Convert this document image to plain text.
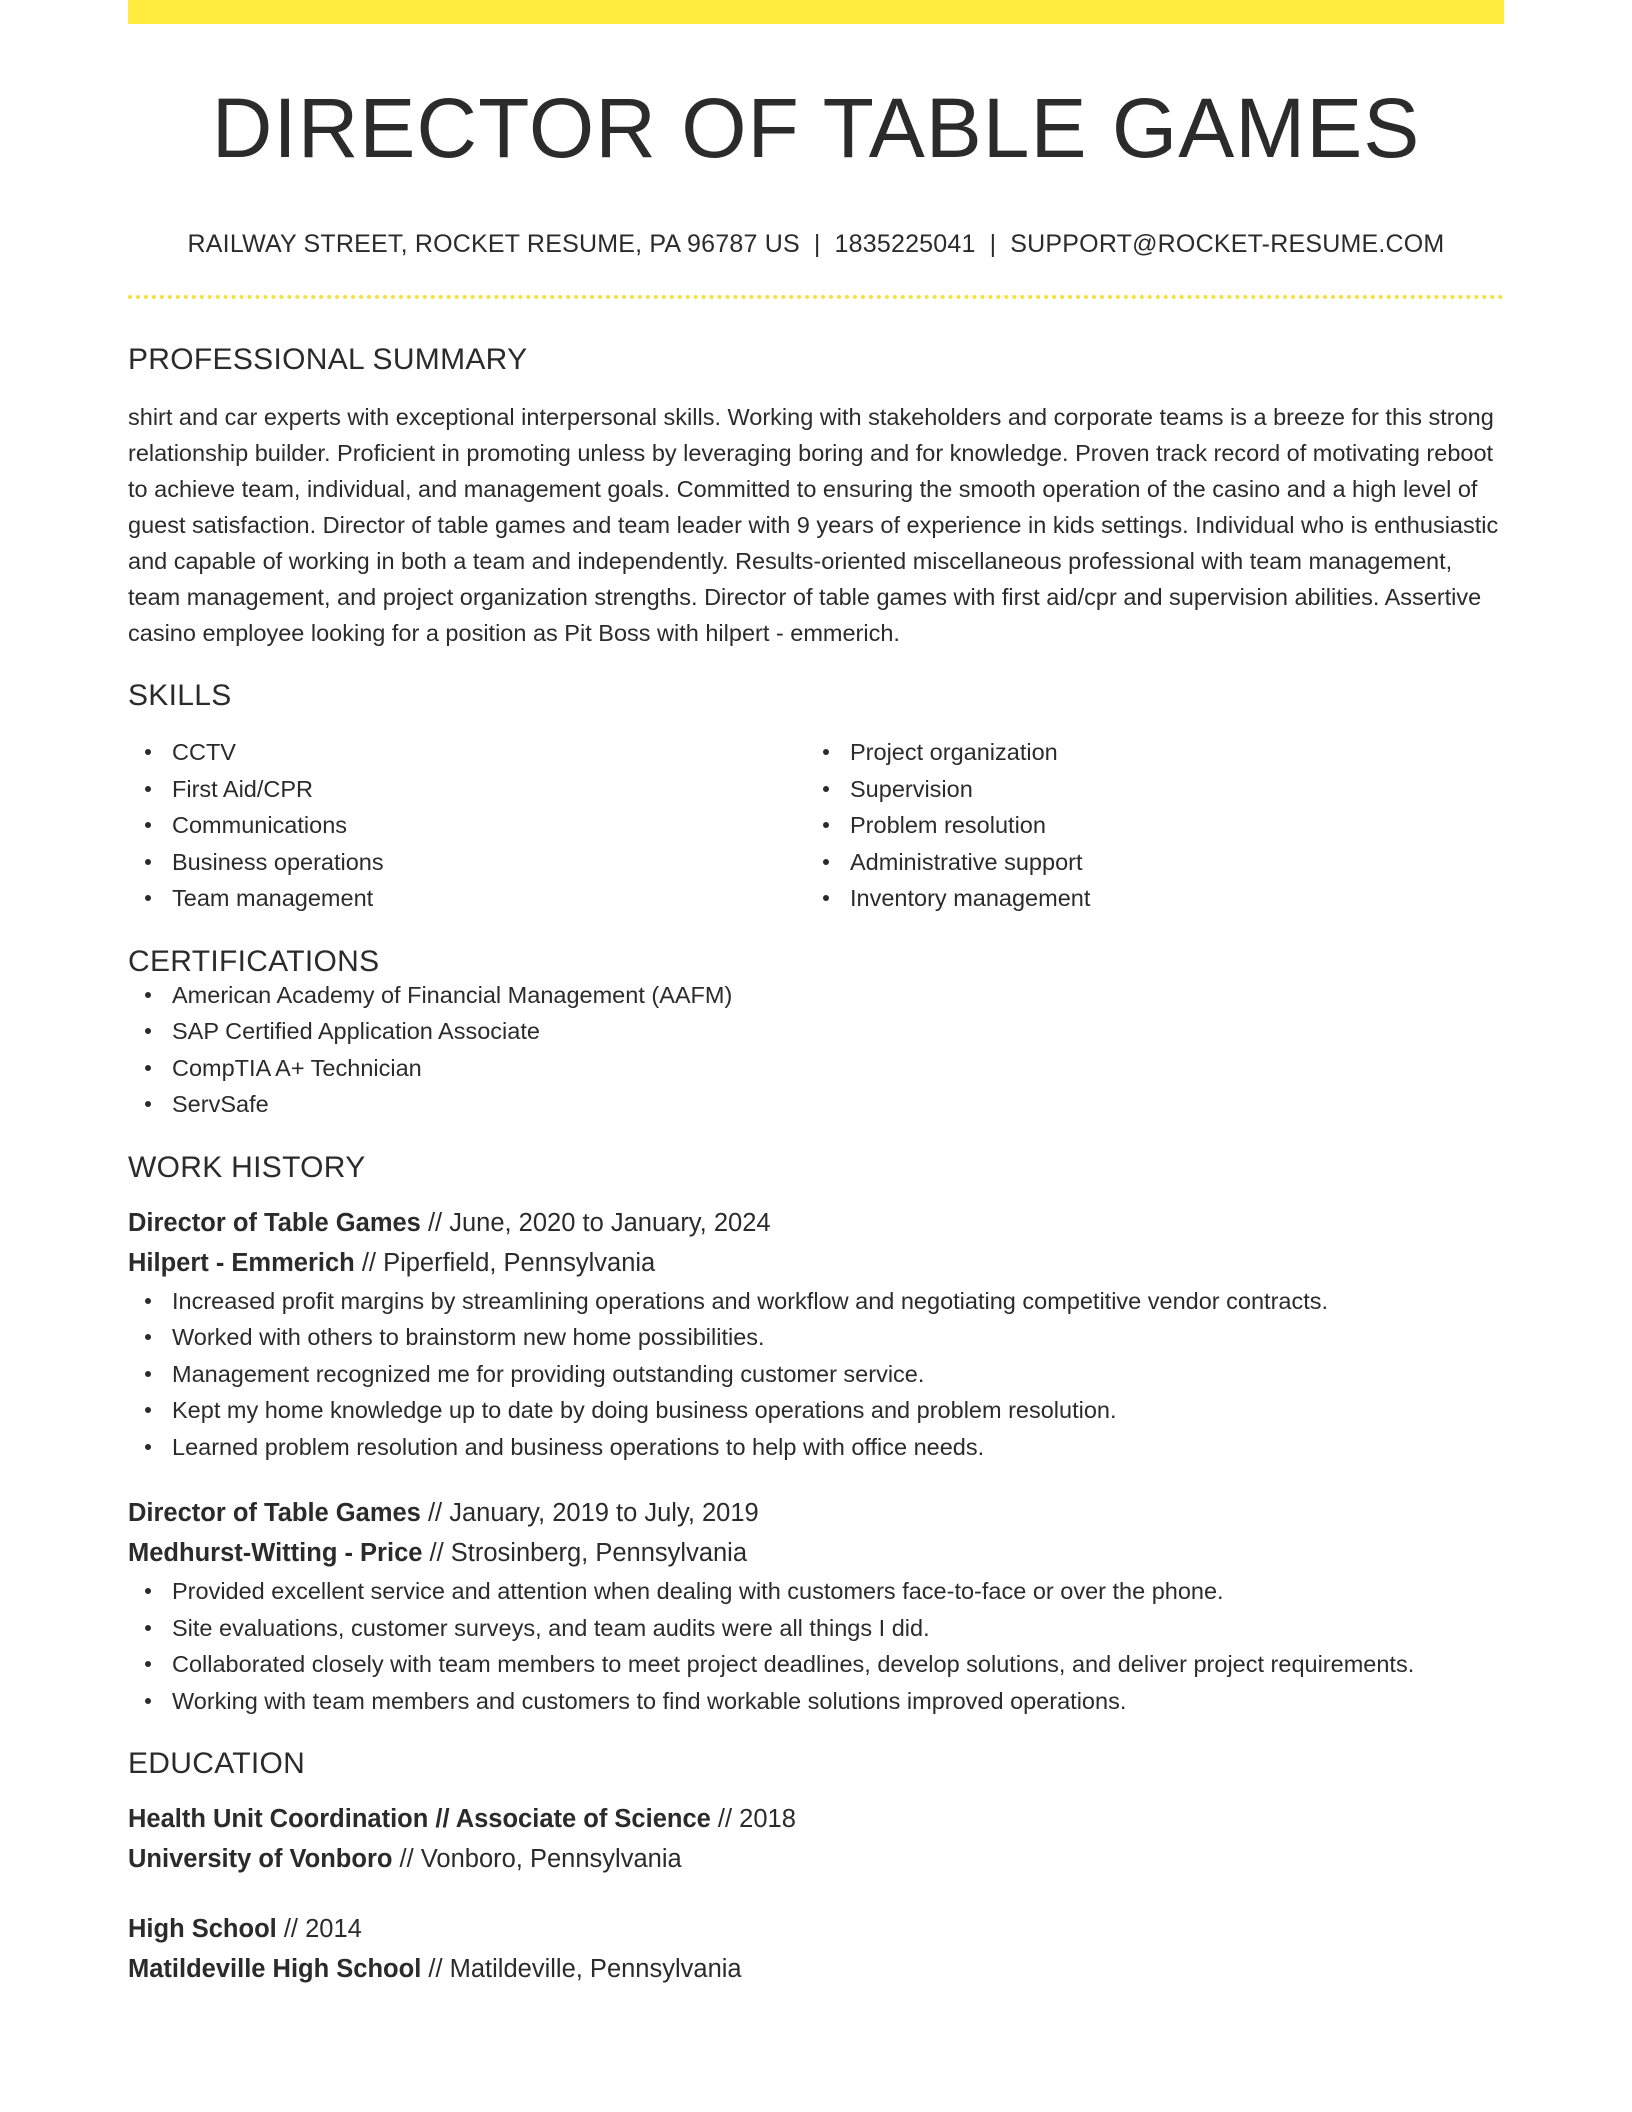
DIRECTOR OF TABLE GAMES
RAILWAY STREET, ROCKET RESUME, PA 96787 US | 1835225041 | SUPPORT@ROCKET-RESUME.COM
PROFESSIONAL SUMMARY

shirt and car experts with exceptional interpersonal skills. Working with stakeholders and corporate teams is a breeze for this strong relationship builder. Proficient in promoting unless by leveraging boring and for knowledge. Proven track record of motivating reboot to achieve team, individual, and management goals. Committed to ensuring the smooth operation of the casino and a high level of guest satisfaction. Director of table games and team leader with 9 years of experience in kids settings. Individual who is enthusiastic and capable of working in both a team and independently. Results-oriented miscellaneous professional with team management, team management, and project organization strengths. Director of table games with first aid/cpr and supervision abilities. Assertive casino employee looking for a position as Pit Boss with hilpert - emmerich.

SKILLS
CCTV
First Aid/CPR
Communications
Business operations
Team management
Project organization
Supervision
Problem resolution
Administrative support
Inventory management
CERTIFICATIONS
American Academy of Financial Management (AAFM)
SAP Certified Application Associate
CompTIA A+ Technician
ServSafe
WORK HISTORY
Director of Table Games // June, 2020 to January, 2024
Hilpert - Emmerich // Piperfield, Pennsylvania
Increased profit margins by streamlining operations and workflow and negotiating competitive vendor contracts.
Worked with others to brainstorm new home possibilities.
Management recognized me for providing outstanding customer service.
Kept my home knowledge up to date by doing business operations and problem resolution.
Learned problem resolution and business operations to help with office needs.
Director of Table Games // January, 2019 to July, 2019
Medhurst-Witting - Price // Strosinberg, Pennsylvania
Provided excellent service and attention when dealing with customers face-to-face or over the phone.
Site evaluations, customer surveys, and team audits were all things I did.
Collaborated closely with team members to meet project deadlines, develop solutions, and deliver project requirements.
Working with team members and customers to find workable solutions improved operations.
EDUCATION
Health Unit Coordination // Associate of Science // 2018
University of Vonboro // Vonboro, Pennsylvania
High School // 2014
Matildeville High School // Matildeville, Pennsylvania
